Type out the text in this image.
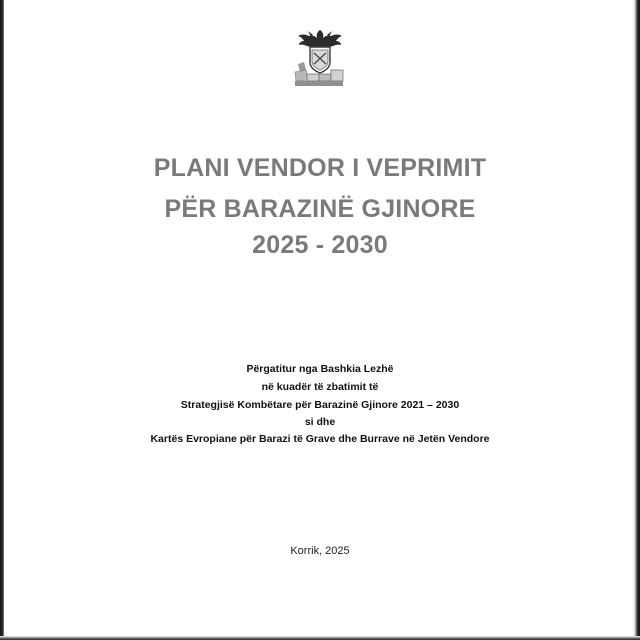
PLANI VENDOR I VEPRIMIT
PËR BARAZINË GJINORE
2025 - 2030
Përgatitur nga Bashkia Lezhë
në kuadër të zbatimit të
Strategjisë Kombëtare për Barazinë Gjinore 2021 – 2030
si dhe
Kartës Evropiane për Barazi të Grave dhe Burrave në Jetën Vendore
Korrik, 2025
